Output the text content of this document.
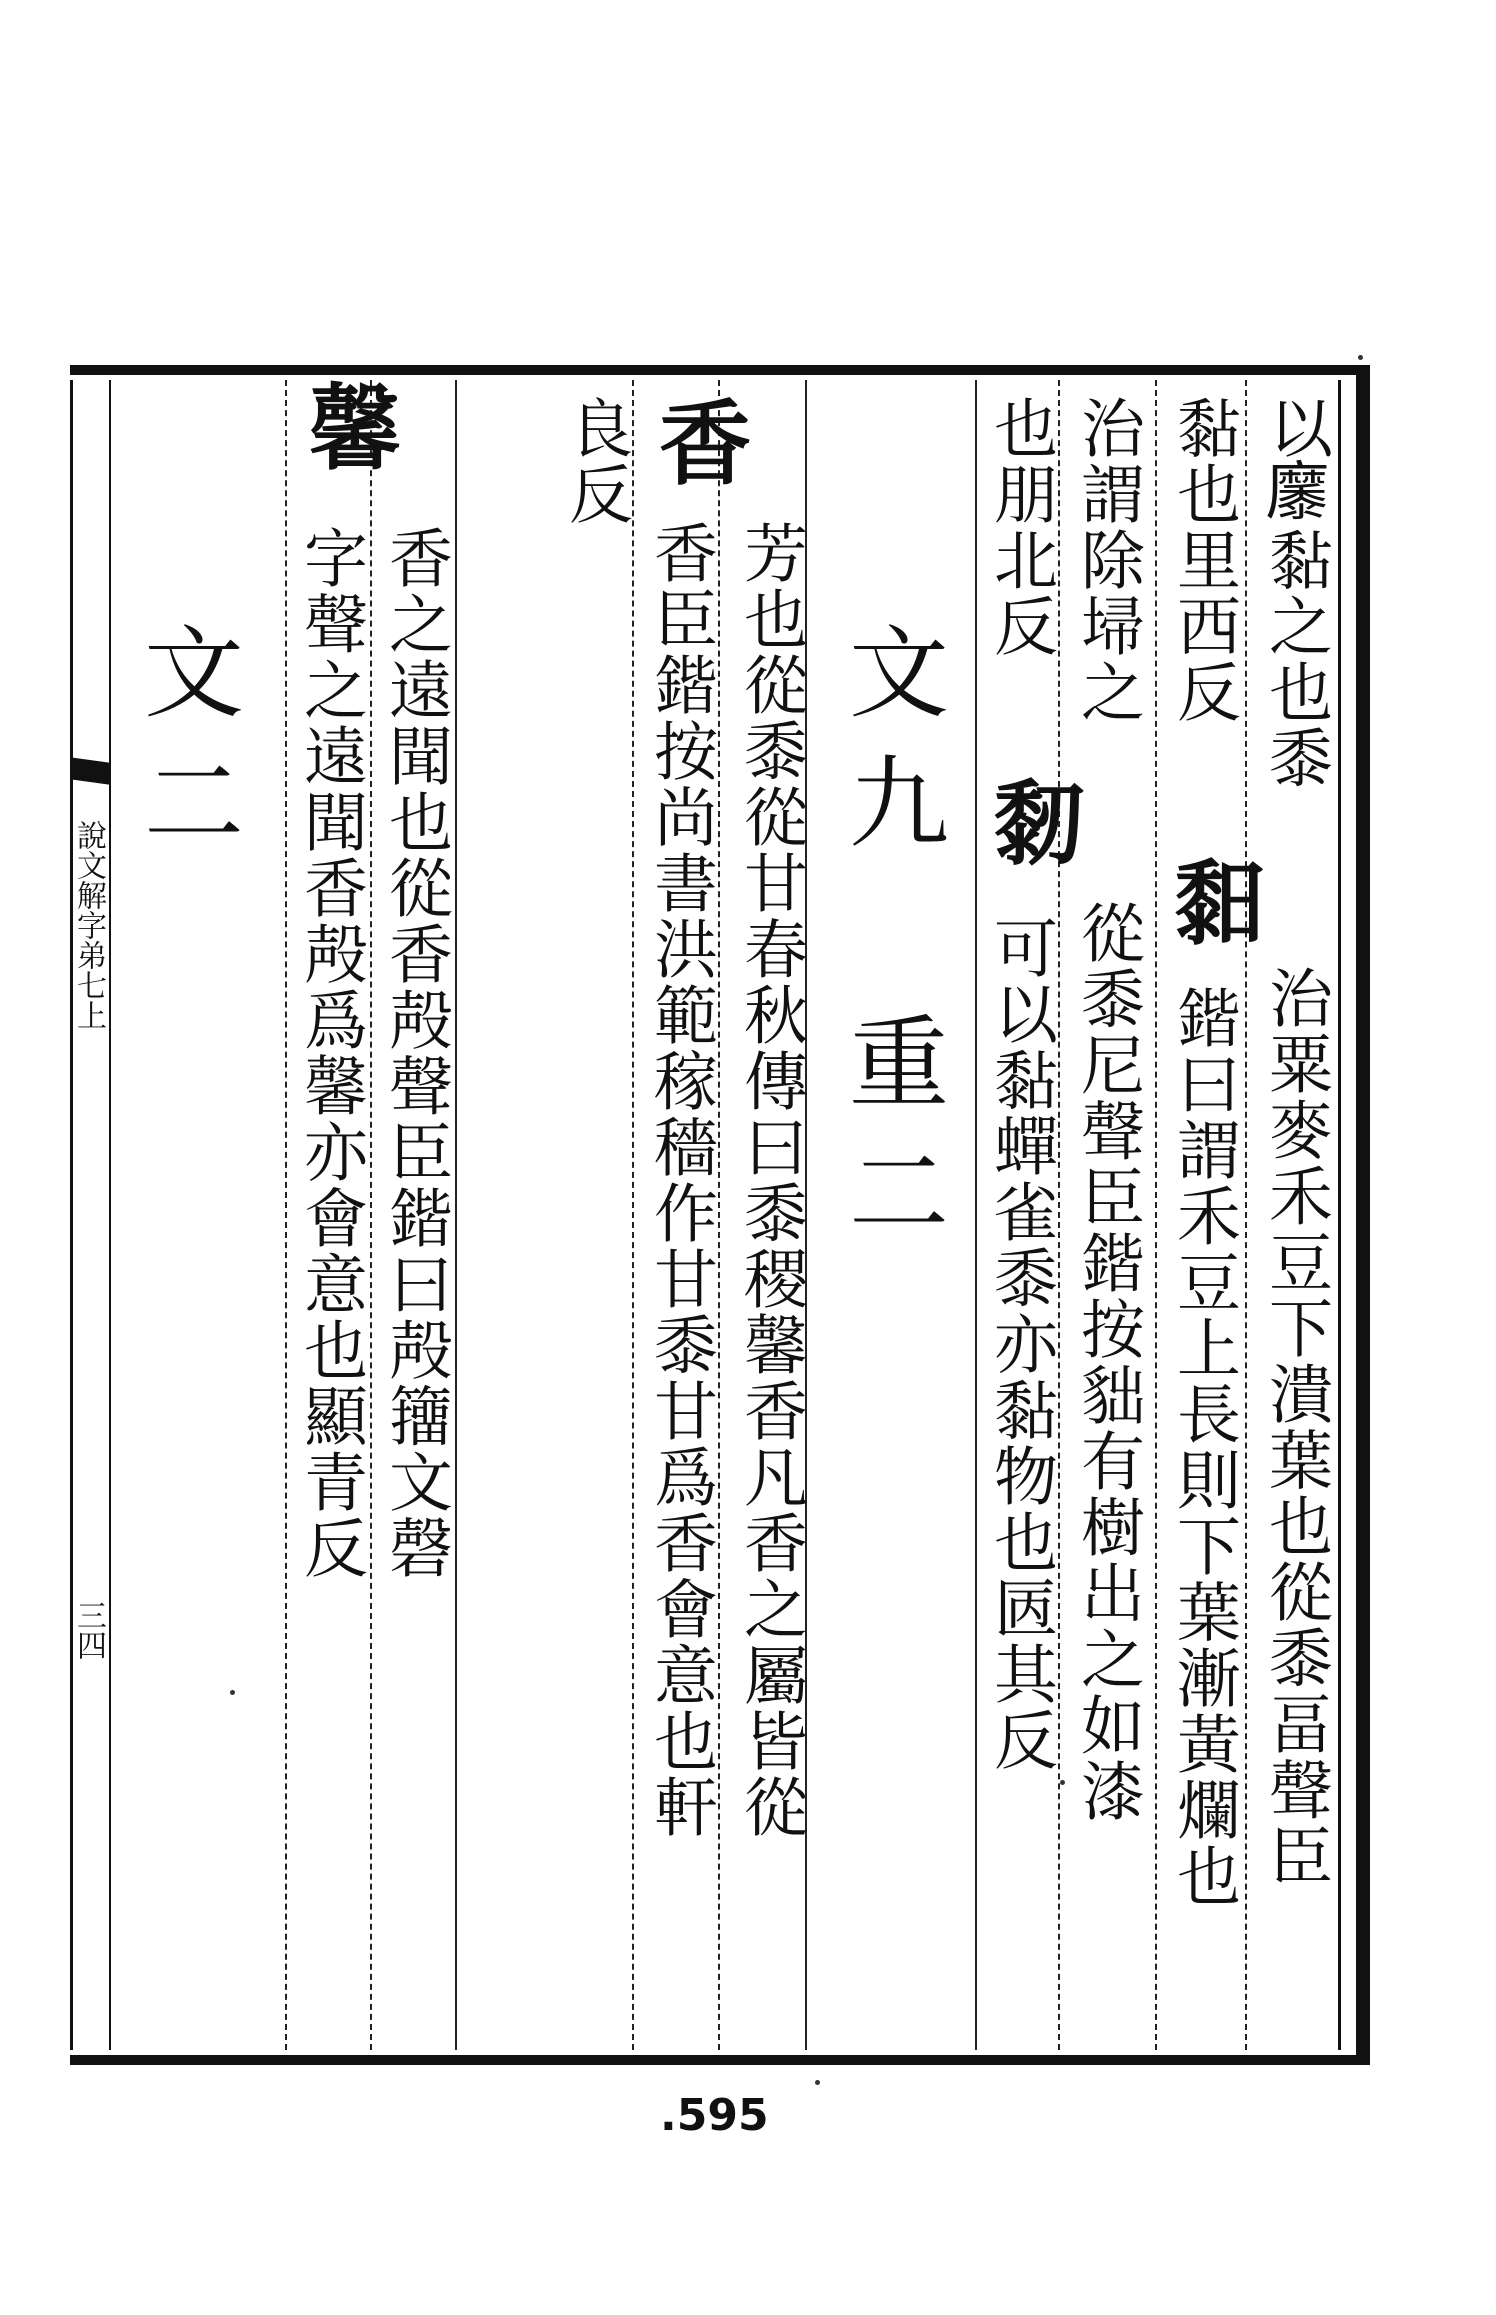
說文解字弟七上
三四
以𪎭黏之也黍
䵒
治粟麥禾豆下潰葉也從黍畐聲臣
黏也里西反
鍇曰謂禾豆上長則下葉漸黃爛也
治謂除埽之
䵑
從黍尼聲臣鍇按貀有樹出之如漆
也朋北反
可以黏蟬雀黍亦黏物也㔷其反
文九　重二
香
芳也從黍從甘春秋傳曰黍稷馨香凡香之屬皆從
香臣鍇按尚書洪範稼穡作甘黍甘爲香會意也軒
良反
馨
香之遠聞也從香殸聲臣鍇曰殸籒文磬
字聲之遠聞香殸爲馨亦會意也顯青反
文二
.595
